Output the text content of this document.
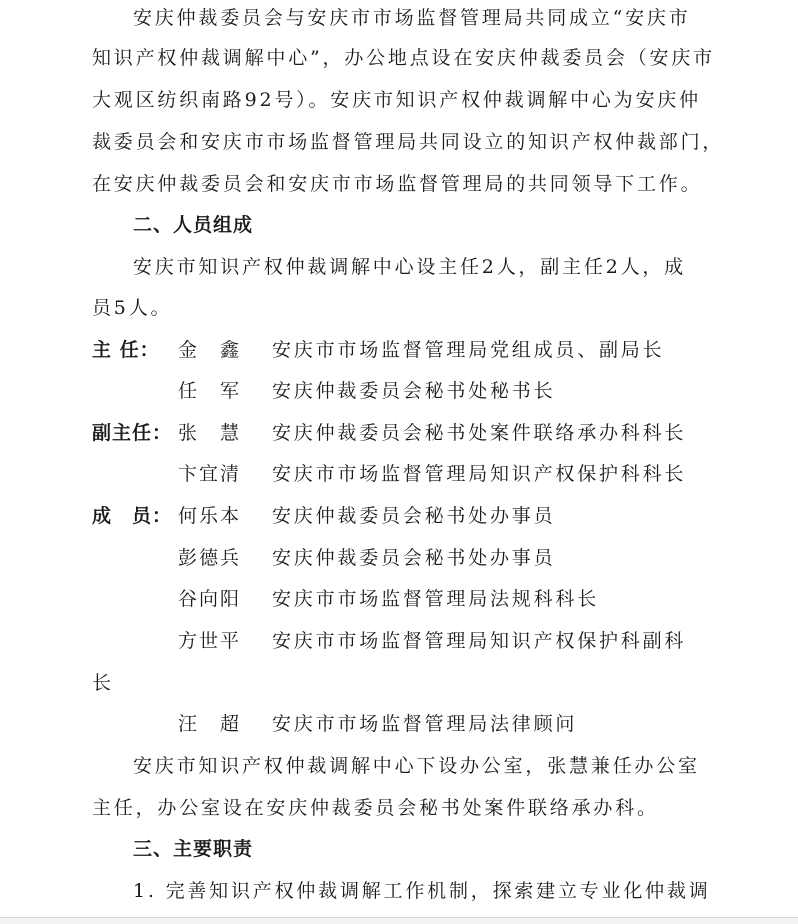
安庆仲裁委员会与安庆市市场监督管理局共同成立“安庆市
知识产权仲裁调解中心”，办公地点设在安庆仲裁委员会（安庆市
大观区纺织南路92号）。安庆市知识产权仲裁调解中心为安庆仲
裁委员会和安庆市市场监督管理局共同设立的知识产权仲裁部门，
在安庆仲裁委员会和安庆市市场监督管理局的共同领导下工作。
二、人员组成
安庆市知识产权仲裁调解中心设主任2人，副主任2人，成
员5人。
主 任： 金　鑫 安庆市市场监督管理局党组成员、副局长
任　军 安庆仲裁委员会秘书处秘书长
副主任： 张　慧 安庆仲裁委员会秘书处案件联络承办科科长
卞宜清 安庆市市场监督管理局知识产权保护科科长
成　员： 何乐本 安庆仲裁委员会秘书处办事员
彭德兵 安庆仲裁委员会秘书处办事员
谷向阳 安庆市市场监督管理局法规科科长
方世平 安庆市市场监督管理局知识产权保护科副科
长
汪　超 安庆市市场监督管理局法律顾问
安庆市知识产权仲裁调解中心下设办公室，张慧兼任办公室
主任，办公室设在安庆仲裁委员会秘书处案件联络承办科。
三、主要职责
1. 完善知识产权仲裁调解工作机制，探索建立专业化仲裁调
